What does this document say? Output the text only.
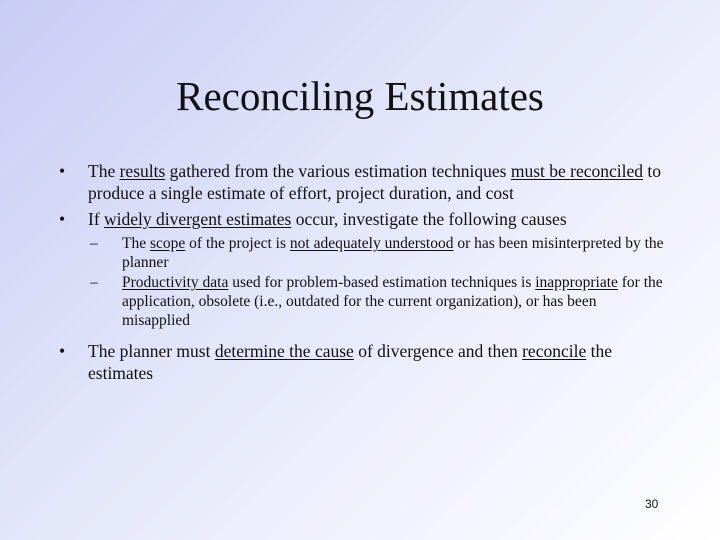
Reconciling Estimates
• The results gathered from the various estimation techniques must be reconciled to produce a single estimate of effort, project duration, and cost
• If widely divergent estimates occur, investigate the following causes
– The scope of the project is not adequately understood or has been misinterpreted by the planner
– Productivity data used for problem-based estimation techniques is inappropriate for the application, obsolete (i.e., outdated for the current organization), or has been misapplied
• The planner must determine the cause of divergence and then reconcile the estimates
30
